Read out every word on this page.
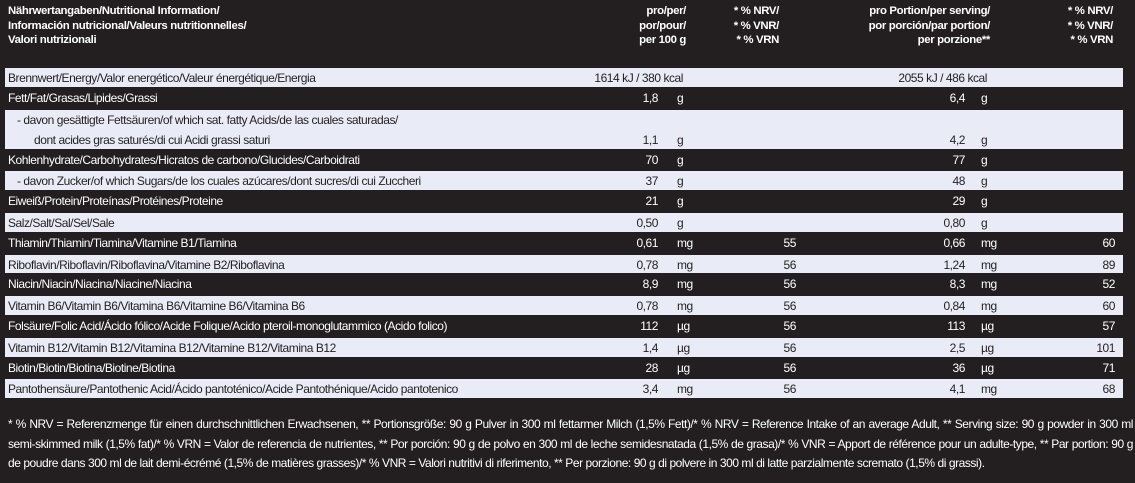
Nährwertangaben/Nutritional Information/
Información nutricional/Valeurs nutritionnelles/
Valori nutrizionali
pro/per/
por/pour/
per 100 g
* % NRV/
* % VNR/
* % VRN
pro Portion/per serving/
por porción/par portion/
per porzione**
* % NRV/
* % VNR/
* % VRN
Brennwert/Energy/Valor energético/Valeur énergétique/Energia	1614 kJ / 380 kcal	2055 kJ / 486 kcal
Fett/Fat/Grasas/Lipides/Grassi	1,8 g	6,4 g
- davon gesättigte Fettsäuren/of which sat. fatty Acids/de las cuales saturadas/
dont acides gras saturés/di cui Acidi grassi saturi	1,1 g	4,2 g
Kohlenhydrate/Carbohydrates/Hicratos de carbono/Glucides/Carboidrati	70 g	77 g
- davon Zucker/of which Sugars/de los cuales azúcares/dont sucres/di cui Zuccheri	37 g	48 g
Eiweiß/Protein/Proteínas/Protéines/Proteine	21 g	29 g
Salz/Salt/Sal/Sel/Sale	0,50 g	0,80 g
Thiamin/Thiamin/Tiamina/Vitamine B1/Tiamina	0,61 mg	55	0,66 mg	60
Riboflavin/Riboflavin/Riboflavina/Vitamine B2/Riboflavina	0,78 mg	56	1,24 mg	89
Niacin/Niacin/Niacina/Niacine/Niacina	8,9 mg	56	8,3 mg	52
Vitamin B6/Vitamin B6/Vitamina B6/Vitamine B6/Vitamina B6	0,78 mg	56	0,84 mg	60
Folsäure/Folic Acid/Ácido fólico/Acide Folique/Acido pteroil-monoglutammico (Acido folico)	112 µg	56	113 µg	57
Vitamin B12/Vitamin B12/Vitamina B12/Vitamine B12/Vitamina B12	1,4 µg	56	2,5 µg	101
Biotin/Biotin/Biotina/Biotine/Biotina	28 µg	56	36 µg	71
Pantothensäure/Pantothenic Acid/Ácido pantoténico/Acide Pantothénique/Acido pantotenico	3,4 mg	56	4,1 mg	68
* % NRV = Referenzmenge für einen durchschnittlichen Erwachsenen, ** Portionsgröße: 90 g Pulver in 300 ml fettarmer Milch (1,5% Fett)/* % NRV = Reference Intake of an average Adult, ** Serving size: 90 g powder in 300 ml semi-skimmed milk (1,5% fat)/* % VRN = Valor de referencia de nutrientes, ** Por porción: 90 g de polvo en 300 ml de leche semidesnatada (1,5% de grasa)/* % VNR = Apport de référence pour un adulte-type, ** Par portion: 90 g de poudre dans 300 ml de lait demi-écrémé (1,5% de matières grasses)/* % VNR = Valori nutritivi di riferimento, ** Per porzione: 90 g di polvere in 300 ml di latte parzialmente scremato (1,5% di grassi).
